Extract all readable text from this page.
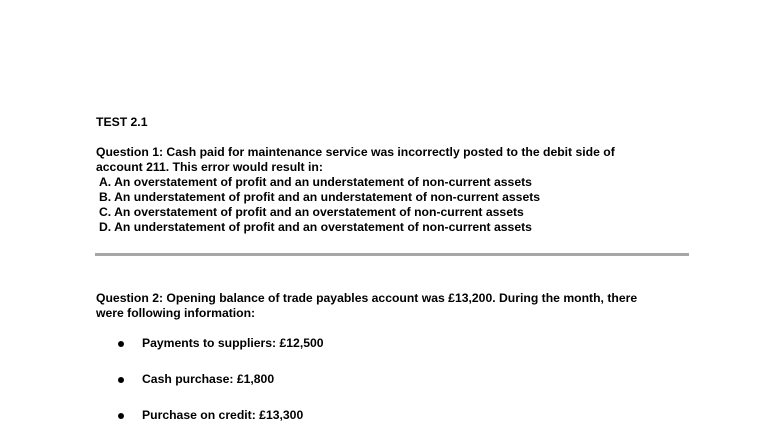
TEST 2.1
Question 1: Cash paid for maintenance service was incorrectly posted to the debit side of
account 211. This error would result in:
A. An overstatement of profit and an understatement of non-current assets
B. An understatement of profit and an understatement of non-current assets
C. An overstatement of profit and an overstatement of non-current assets
D. An understatement of profit and an overstatement of non-current assets
Question 2: Opening balance of trade payables account was £13,200. During the month, there
were following information:
Payments to suppliers: £12,500
Cash purchase: £1,800
Purchase on credit: £13,300
